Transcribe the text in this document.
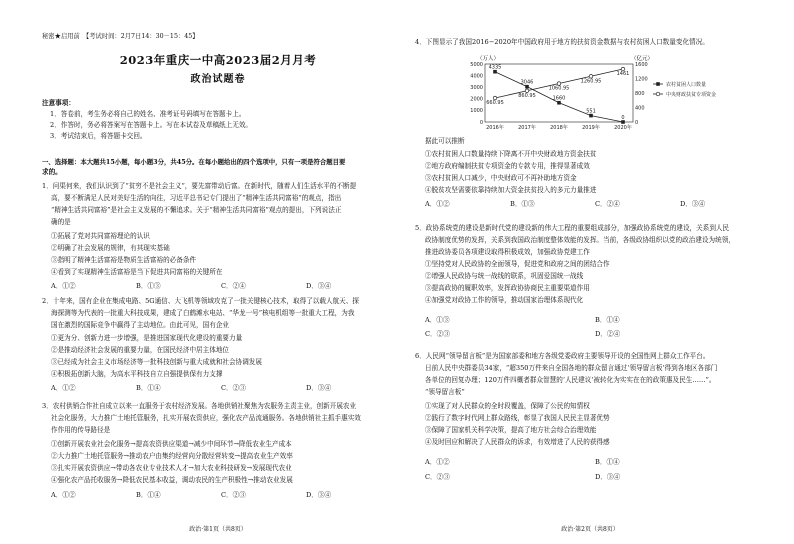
秘密★启用前　【考试时间：2月7日14：30－15：45】
2023年重庆一中高2023届2月月考
政治试题卷
注意事项：
1．答卷前，考生务必将自己的姓名、准考证号码填写在答题卡上。
2．作答时，务必将答案写在答题卡上。写在本试卷及草稿纸上无效。
3．考试结束后，将答题卡交回。
一、选择题：本大题共15小题，每小题3分，共45分。在每小题给出的四个选项中，只有一项是符合题目要
求的。
1．问渠何来，我们认识到了“贫穷不是社会主义”，要先富带动后富。在新时代，随着人们生活水平的不断提
高，要不断满足人民对美好生活的向往，习近平总书记专门提出了“精神生活共同富裕”的观点，指出
“精神生活共同富裕”是社会主义发展的不懈追求。关于“精神生活共同富裕”观点的提出，下列说法正
确的是
①拓展了党对共同富裕理论的认识
②明确了社会发展的规律，有其现实基础
③指明了精神生活富裕是物质生活富裕的必备条件
④看到了实现精神生活富裕是当下促进共同富裕的关键所在
A．①②	B．①③	C．②④	D．③④
2．十年来，国有企业在集成电路、5G通信、大飞机等领域攻克了一批关键核心技术，取得了以载人航天、探
海探测等为代表的一批重大科技成果，建成了白鹤滩水电站、“华龙一号”核电机组等一批重大工程，为我
国在激烈的国际竞争中赢得了主动地位。由此可见，国有企业
①更为分、创新力进一步增强，是推进国家现代化建设的重要力量
②是推动经济社会发展的重要力量，在国民经济中居主体地位
③已经成为社会主义市场经济等一批科技创新与重大成就和社会协调发展
④积极拓创新大脑，为高水平科技自立自强提供保有力支撑
A．①②	B．①④	C．②③	D．③④
3．农村供销合作社自成立以来一直服务于农村经济发展。各地供销社聚焦为农服务主责主业，创新开展农业
社会化服务，大力推广土地托管服务，扎实开展农资供应，强化农产品流通服务。各地供销社主抓手惠实效
作作用的传导路径是
①创新开展农业社会化服务→提高农资供应渠道→减少中间环节→降低农业生产成本
②大力推广土地托管服务→推动农户由集约经营向分散经营转变→提高农业生产效率
③扎实开展农资供应→带动各农业专业技术人才→加大农业科技研发→发展现代农业
④强化农产品托收服务→降低农民基本收益，调动农民的生产积极性→推动农业发展
A．①②	B．①④	C．②③	D．③④
政治·第1页（共8页）
4．下图显示了我国2016−2020年中国政府用于地方的扶贫资金数据与农村贫困人口数量变化情况。
（万人）	（亿元）
5000
4000
3000
2000
1000
0
1600
1200
800
400
0
2016年	2017年	2018年	2019年	2020年
4335
3046
1660
551
0
660.95
860.95
1060.95
1260.95
1461
农村贫困人口数量
中央财政扶贫专项资金
据此可以推断
①农村贫困人口数量持续下降离不开中央财政地方资金扶贫
②地方政府编制扶贫专项资金的专款专用，推得显著成效
③农村贫困人口减少，中央财政可不再补助地方资金
④脱贫攻坚需要依靠持续加大资金扶贫投入的多元力量推进
A．①②	B．①③	C．②④	D．③④
5．政协系统党的建设是新时代党的建设新的伟大工程的重要组成部分，加强政协系统党的建设，关系到人民
政协制度优势的发挥，关系到我国政治制度整体效能的发挥。当前，各级政协组织以党的政治建设为统领，
推进政协委员各项建设取得积极成效，加强政协党建工作
①坚持党对人民政协的全面领导，促进党和政府之间的团结合作
②增强人民政协与统一战线的联系，巩固爱国统一战线
③提高政协的履职效率，发挥政协协商民主重要渠道作用
④加强党对政协工作的领导，推动国家治理体系现代化
A．①③	B．①④
C．②③	D．②④
6．人民网“领导留言板”是为国家部委和地方各级党委政府主要领导开设的全国性网上群众工作平台。
日前人民中央群委员34家，“超350万件来自全国各地的群众留言通过‘领导留言板’得到各地区各部门
各单位的回复办理；120万件四概者群众智慧的‘人民建议’被转化为实实在在的政策惠及民生……”。
“领导留言板”
①实现了对人民群众的全时段覆盖，保障了公民的知情权
②践行了数字时代网上群众路线，彰显了我国人民民主显著优势
③保障了国家机关科学决策，提高了地方社会综合治理效能
④及时回应和解决了人民群众的诉求，有效增进了人民的获得感
A．①②	B．①④
C．②③	D．③④
政治·第2页（共8页）
